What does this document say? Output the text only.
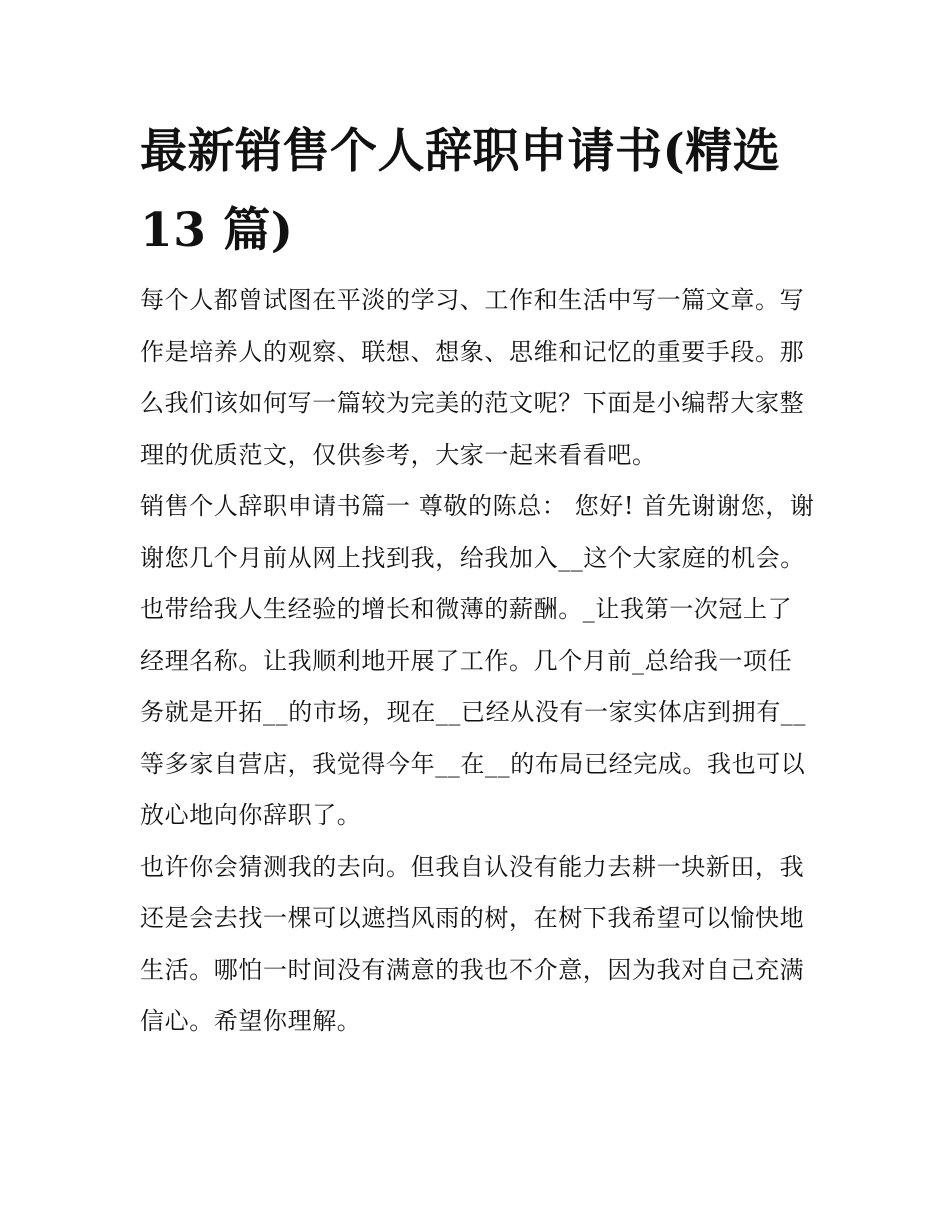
最新销售个人辞职申请书(精选 13 篇)

每个人都曾试图在平淡的学习、工作和生活中写一篇文章。写作是培养人的观察、联想、想象、思维和记忆的重要手段。那么我们该如何写一篇较为完美的范文呢？下面是小编帮大家整理的优质范文，仅供参考，大家一起来看看吧。

销售个人辞职申请书篇一 尊敬的陈总： 您好! 首先谢谢您，谢谢您几个月前从网上找到我，给我加入__这个大家庭的机会。

也带给我人生经验的增长和微薄的薪酬。_让我第一次冠上了经理名称。让我顺利地开展了工作。几个月前_总给我一项任务就是开拓__的市场，现在__已经从没有一家实体店到拥有__等多家自营店，我觉得今年__在__的布局已经完成。我也可以放心地向你辞职了。

也许你会猜测我的去向。但我自认没有能力去耕一块新田，我还是会去找一棵可以遮挡风雨的树，在树下我希望可以愉快地生活。哪怕一时间没有满意的我也不介意，因为我对自己充满信心。希望你理解。
